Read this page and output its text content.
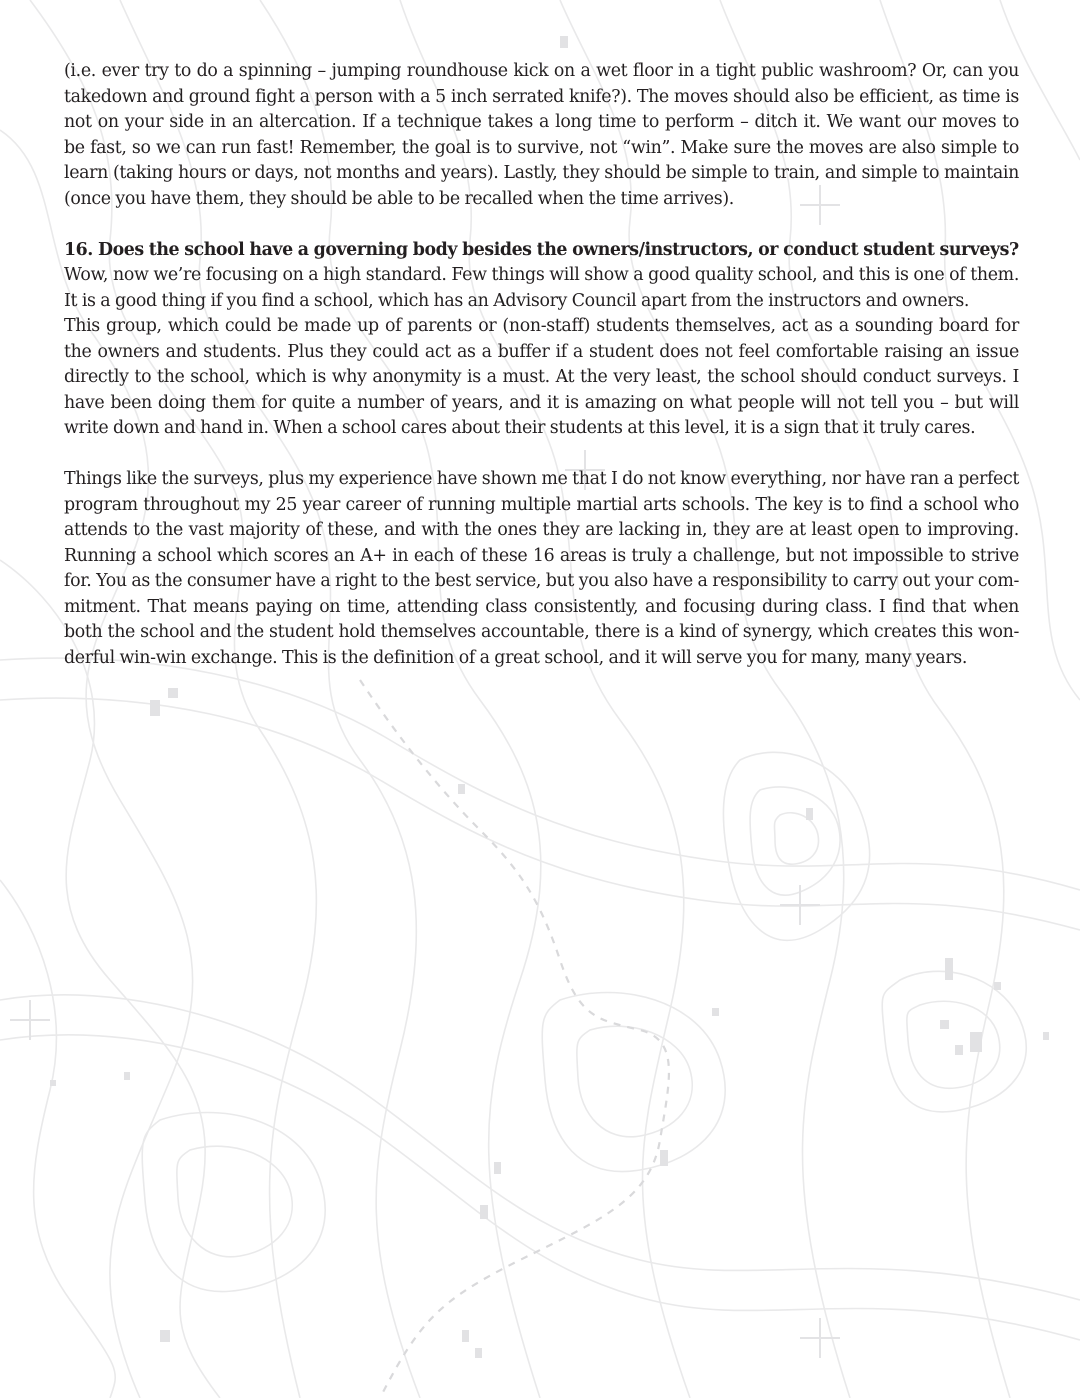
(i.e. ever try to do a spinning – jumping roundhouse kick on a wet floor in a tight public washroom? Or, can you
takedown and ground fight a person with a 5 inch serrated knife?). The moves should also be efficient, as time is
not on your side in an altercation. If a technique takes a long time to perform – ditch it. We want our moves to
be fast, so we can run fast! Remember, the goal is to survive, not “win”. Make sure the moves are also simple to
learn (taking hours or days, not months and years). Lastly, they should be simple to train, and simple to maintain
(once you have them, they should be able to be recalled when the time arrives).
16. Does the school have a governing body besides the owners/instructors, or conduct student surveys?
Wow, now we’re focusing on a high standard. Few things will show a good quality school, and this is one of them.
It is a good thing if you find a school, which has an Advisory Council apart from the instructors and owners.
This group, which could be made up of parents or (non-staff) students themselves, act as a sounding board for
the owners and students. Plus they could act as a buffer if a student does not feel comfortable raising an issue
directly to the school, which is why anonymity is a must. At the very least, the school should conduct surveys. I
have been doing them for quite a number of years, and it is amazing on what people will not tell you – but will
write down and hand in. When a school cares about their students at this level, it is a sign that it truly cares.
Things like the surveys, plus my experience have shown me that I do not know everything, nor have ran a perfect
program throughout my 25 year career of running multiple martial arts schools. The key is to find a school who
attends to the vast majority of these, and with the ones they are lacking in, they are at least open to improving.
Running a school which scores an A+ in each of these 16 areas is truly a challenge, but not impossible to strive
for. You as the consumer have a right to the best service, but you also have a responsibility to carry out your com-
mitment. That means paying on time, attending class consistently, and focusing during class. I find that when
both the school and the student hold themselves accountable, there is a kind of synergy, which creates this won-
derful win-win exchange. This is the definition of a great school, and it will serve you for many, many years.
